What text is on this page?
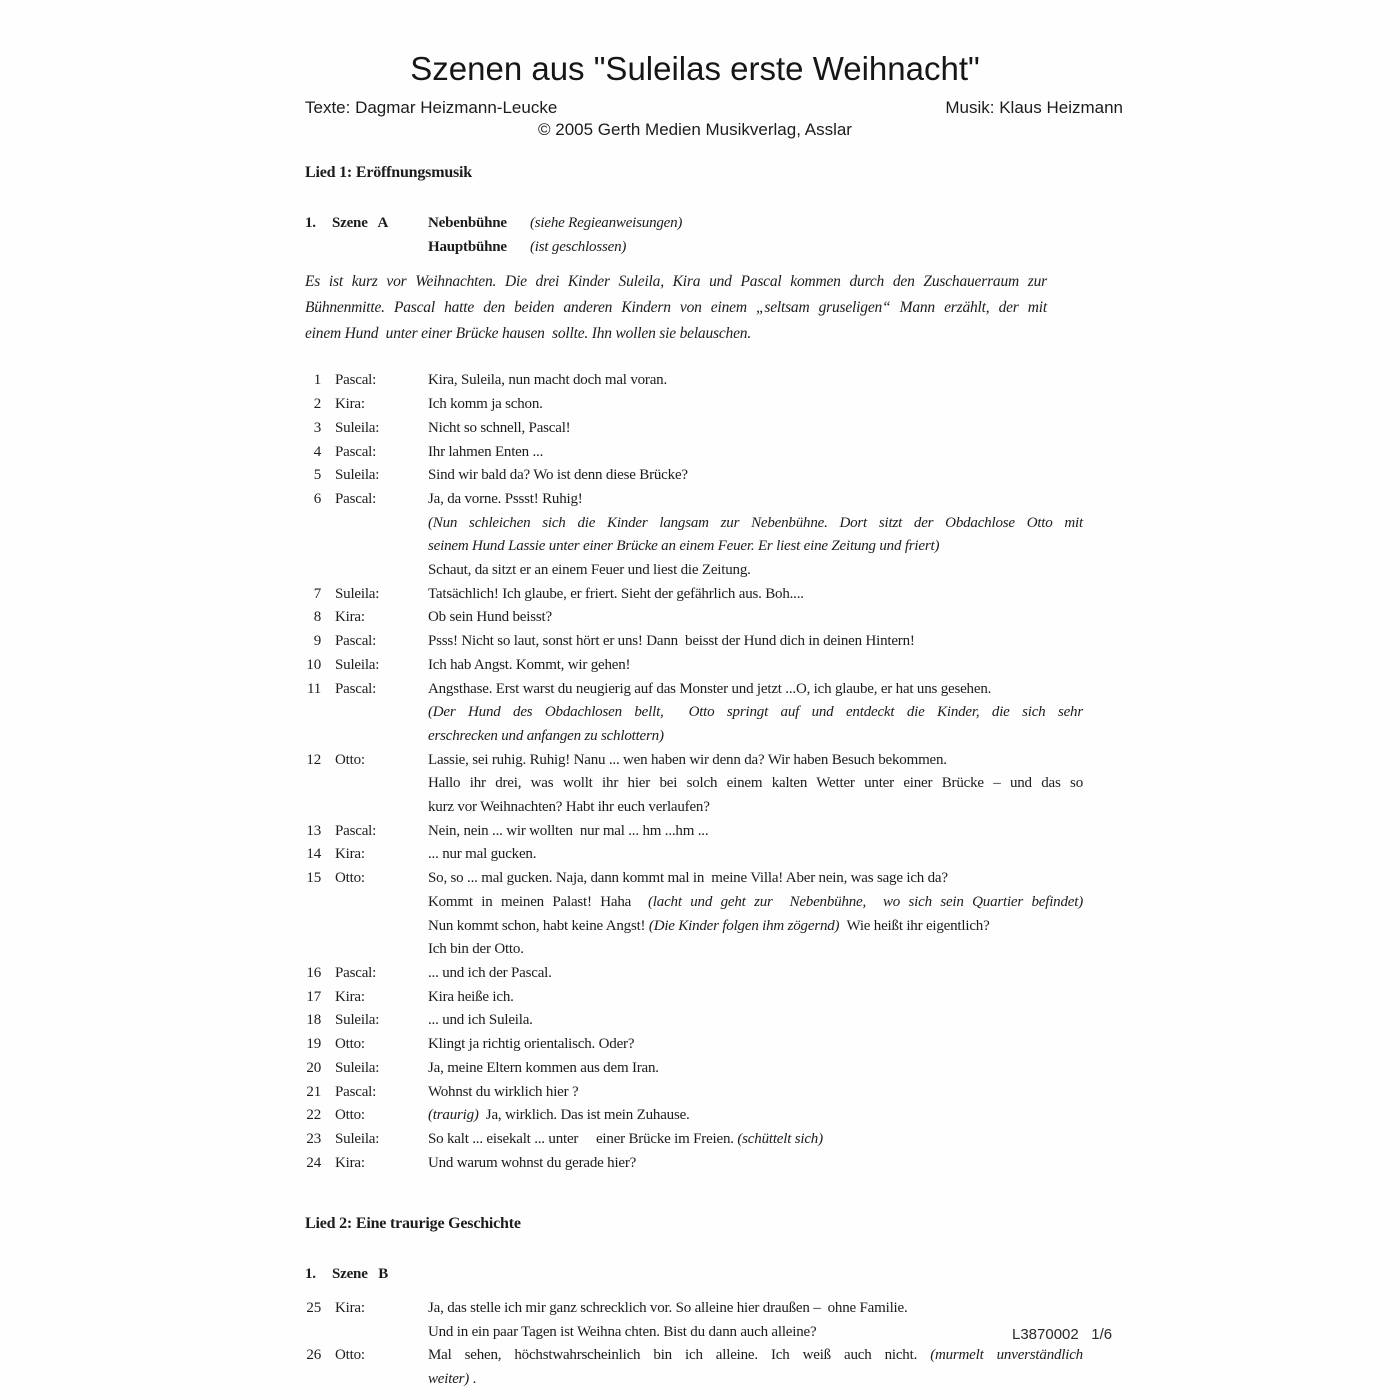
Szenen aus "Suleilas erste Weihnacht"
Texte: Dagmar Heizmann-Leucke	Musik: Klaus Heizmann
© 2005 Gerth Medien Musikverlag, Asslar
Lied 1: Eröffnungsmusik
1.	Szene   A	Nebenbühne	(siehe Regieanweisungen)
Hauptbühne	(ist geschlossen)
Es ist kurz vor Weihnachten. Die drei Kinder Suleila, Kira und Pascal kommen durch den Zuschauerraum zur
Bühnenmitte. Pascal hatte den beiden anderen Kindern von einem „seltsam gruseligen“ Mann erzählt, der mit
einem Hund  unter einer Brücke hausen  sollte. Ihn wollen sie belauschen.
1 Pascal:	Kira, Suleila, nun macht doch mal voran.
2 Kira:	Ich komm ja schon.
3 Suleila:	Nicht so schnell, Pascal!
4 Pascal:	Ihr lahmen Enten ...
5 Suleila:	Sind wir bald da? Wo ist denn diese Brücke?
6 Pascal:	Ja, da vorne. Pssst! Ruhig!
(Nun schleichen sich die Kinder langsam zur Nebenbühne. Dort sitzt der Obdachlose Otto mit
seinem Hund Lassie unter einer Brücke an einem Feuer. Er liest eine Zeitung und friert)
Schaut, da sitzt er an einem Feuer und liest die Zeitung.
7 Suleila:	Tatsächlich! Ich glaube, er friert. Sieht der gefährlich aus. Boh....
8 Kira:	Ob sein Hund beisst?
9 Pascal:	Psss! Nicht so laut, sonst hört er uns! Dann  beisst der Hund dich in deinen Hintern!
10 Suleila:	Ich hab Angst. Kommt, wir gehen!
11 Pascal:	Angsthase. Erst warst du neugierig auf das Monster und jetzt ...O, ich glaube, er hat uns gesehen.
(Der Hund des Obdachlosen bellt,  Otto springt auf und entdeckt die Kinder, die sich sehr
erschrecken und anfangen zu schlottern)
12 Otto:	Lassie, sei ruhig. Ruhig! Nanu ... wen haben wir denn da? Wir haben Besuch bekommen.
Hallo ihr drei, was wollt ihr hier bei solch einem kalten Wetter unter einer Brücke – und das so
kurz vor Weihnachten? Habt ihr euch verlaufen?
13 Pascal:	Nein, nein ... wir wollten  nur mal ... hm ...hm ...
14 Kira:	... nur mal gucken.
15 Otto:	So, so ... mal gucken. Naja, dann kommt mal in  meine Villa! Aber nein, was sage ich da?
Kommt in meinen Palast! Haha  (lacht und geht zur  Nebenbühne,  wo sich sein Quartier befindet)
Nun kommt schon, habt keine Angst! (Die Kinder folgen ihm zögernd)  Wie heißt ihr eigentlich?
Ich bin der Otto.
16 Pascal:	... und ich der Pascal.
17 Kira:	Kira heiße ich.
18 Suleila:	... und ich Suleila.
19 Otto:	Klingt ja richtig orientalisch. Oder?
20 Suleila:	Ja, meine Eltern kommen aus dem Iran.
21 Pascal:	Wohnst du wirklich hier ?
22 Otto:	(traurig)  Ja, wirklich. Das ist mein Zuhause.
23 Suleila:	So kalt ... eisekalt ... unter     einer Brücke im Freien. (schüttelt sich)
24 Kira:	Und warum wohnst du gerade hier?
Lied 2: Eine traurige Geschichte
1.	Szene   B
25 Kira:	Ja, das stelle ich mir ganz schrecklich vor. So alleine hier draußen –  ohne Familie.
Und in ein paar Tagen ist Weihna chten. Bist du dann auch alleine?
26 Otto:	Mal sehen, höchstwahrscheinlich bin ich alleine. Ich weiß auch nicht. (murmelt unverständlich
weiter) .
L3870002   1/6
